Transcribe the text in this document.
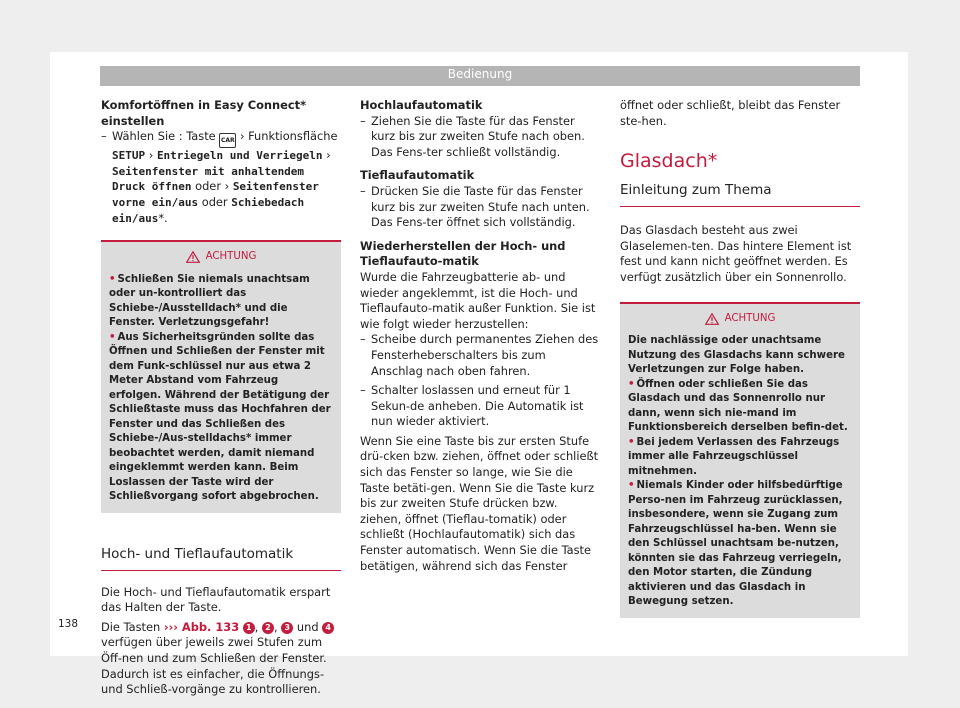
Bedienung

Komfortöffnen in Easy Connect* einstellen

– Wählen Sie : Taste CAR › Funktionsfläche SETUP › Entriegeln und Verriegeln › Seitenfenster mit anhaltendem Druck öffnen oder › Seitenfenster vorne ein/aus oder Schiebedach ein/aus*.
ACHTUNG

• Schließen Sie niemals unachtsam oder un-kontrolliert das Schiebe-/Ausstelldach* und die Fenster. Verletzungsgefahr!

• Aus Sicherheitsgründen sollte das Öffnen und Schließen der Fenster mit dem Funk-schlüssel nur aus etwa 2 Meter Abstand vom Fahrzeug erfolgen. Während der Betätigung der Schließtaste muss das Hochfahren der Fenster und das Schließen des Schiebe-/Aus-stelldachs* immer beobachtet werden, damit niemand eingeklemmt werden kann. Beim Loslassen der Taste wird der Schließvorgang sofort abgebrochen.

Hoch- und Tieflaufautomatik

Die Hoch- und Tieflaufautomatik erspart das Halten der Taste.

Die Tasten ››› Abb. 133 1 , 2 , 3 und 4 verfügen über jeweils zwei Stufen zum Öff-nen und zum Schließen der Fenster. Dadurch ist es einfacher, die Öffnungs- und Schließ-vorgänge zu kontrollieren.

Hochlaufautomatik

– Ziehen Sie die Taste für das Fenster kurz bis zur zweiten Stufe nach oben. Das Fens-ter schließt vollständig.

Tieflaufautomatik

– Drücken Sie die Taste für das Fenster kurz bis zur zweiten Stufe nach unten. Das Fens-ter öffnet sich vollständig.

Wiederherstellen der Hoch- und Tieflaufauto-matik

Wurde die Fahrzeugbatterie ab- und wieder angeklemmt, ist die Hoch- und Tieflaufauto-matik außer Funktion. Sie ist wie folgt wieder herzustellen:

– Scheibe durch permanentes Ziehen des Fensterheberschalters bis zum Anschlag nach oben fahren.
– Schalter loslassen und erneut für 1 Sekun-de anheben. Die Automatik ist nun wieder aktiviert.

Wenn Sie eine Taste bis zur ersten Stufe drü-cken bzw. ziehen, öffnet oder schließt sich das Fenster so lange, wie Sie die Taste betäti-gen. Wenn Sie die Taste kurz bis zur zweiten Stufe drücken bzw. ziehen, öffnet (Tieflau-tomatik) oder schließt (Hochlaufautomatik) sich das Fenster automatisch. Wenn Sie die Taste betätigen, während sich das Fenster

öffnet oder schließt, bleibt das Fenster ste-hen.

Glasdach*

Einleitung zum Thema

Das Glasdach besteht aus zwei Glaselemen-ten. Das hintere Element ist fest und kann nicht geöffnet werden. Es verfügt zusätzlich über ein Sonnenrollo.

ACHTUNG

Die nachlässige oder unachtsame Nutzung des Glasdachs kann schwere Verletzungen zur Folge haben.

• Öffnen oder schließen Sie das Glasdach und das Sonnenrollo nur dann, wenn sich nie-mand im Funktionsbereich derselben befin-det.

• Bei jedem Verlassen des Fahrzeugs immer alle Fahrzeugschlüssel mitnehmen.

• Niemals Kinder oder hilfsbedürftige Perso-nen im Fahrzeug zurücklassen, insbesondere, wenn sie Zugang zum Fahrzeugschlüssel ha-ben. Wenn sie den Schlüssel unachtsam be-nutzen, könnten sie das Fahrzeug verriegeln, den Motor starten, die Zündung aktivieren und das Glasdach in Bewegung setzen.

138
